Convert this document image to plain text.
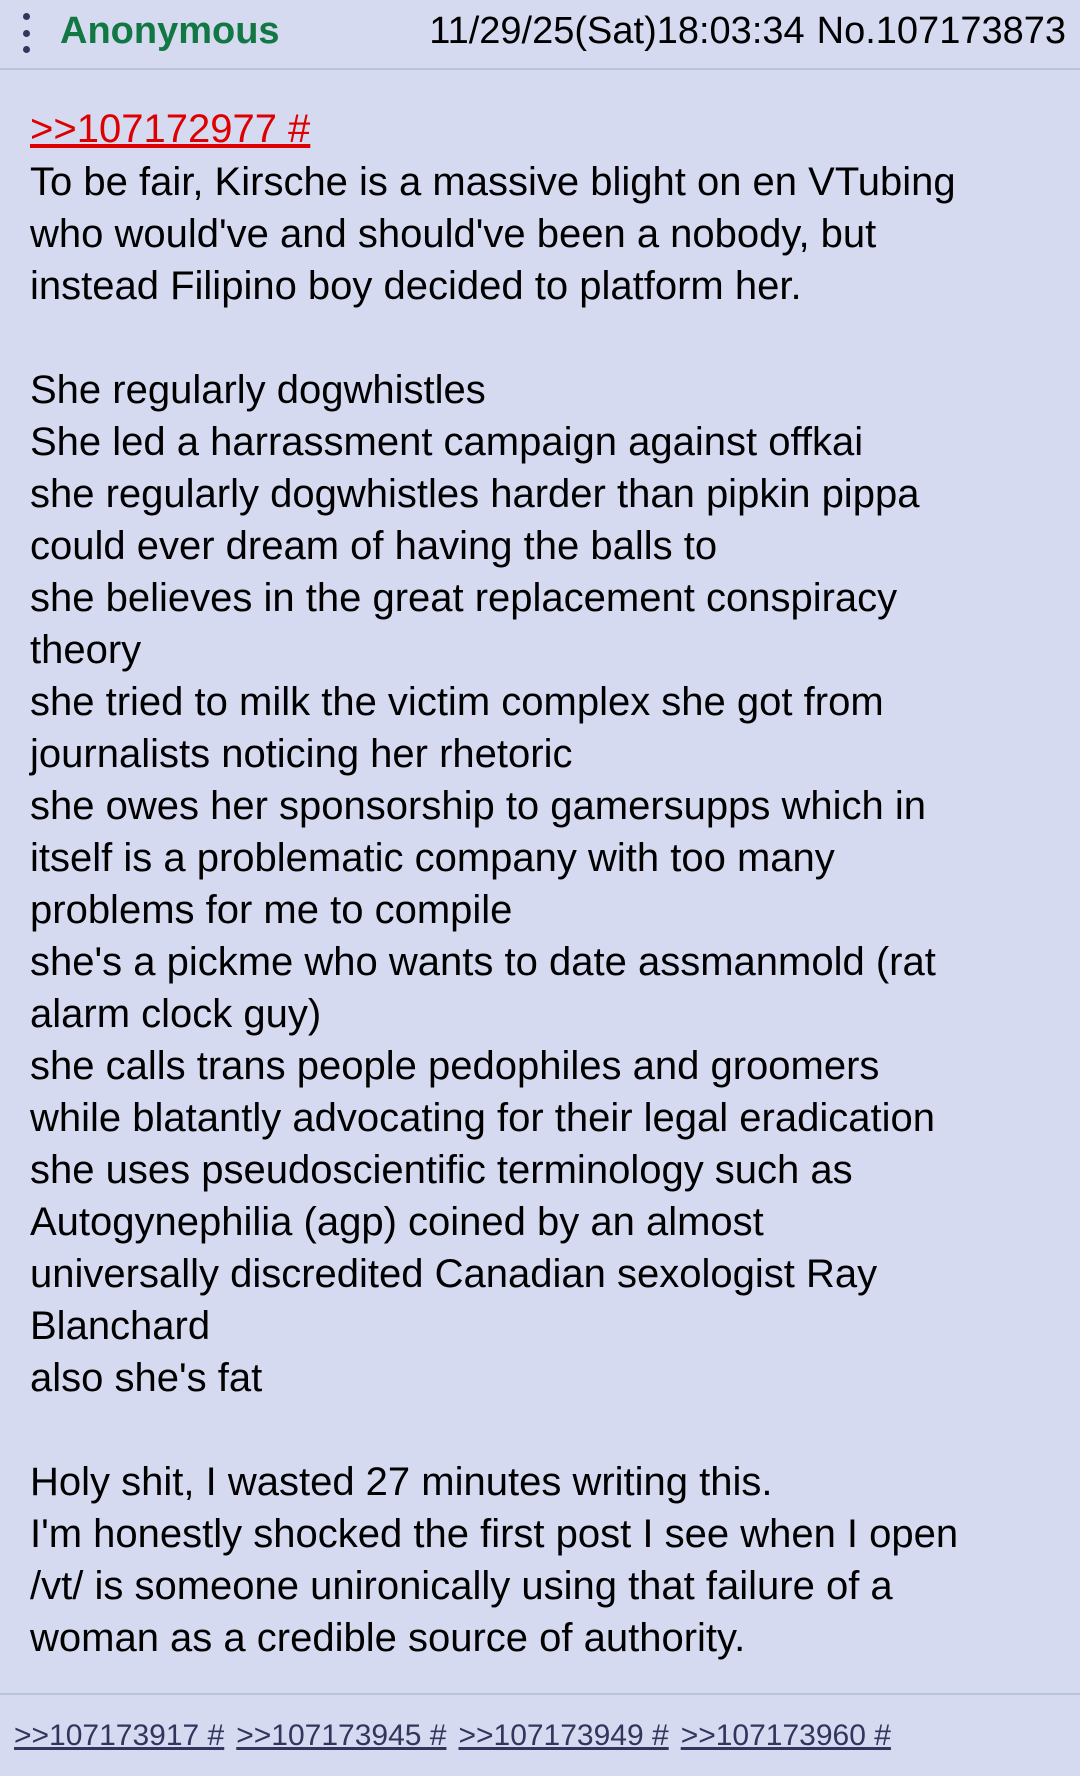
Anonymous	11/29/25(Sat)18:03:34 No.107173873
>>107172977 #
To be fair, Kirsche is a massive blight on en VTubing
who would've and should've been a nobody, but
instead Filipino boy decided to platform her.
She regularly dogwhistles
She led a harrassment campaign against offkai
she regularly dogwhistles harder than pipkin pippa
could ever dream of having the balls to
she believes in the great replacement conspiracy
theory
she tried to milk the victim complex she got from
journalists noticing her rhetoric
she owes her sponsorship to gamersupps which in
itself is a problematic company with too many
problems for me to compile
she's a pickme who wants to date assmanmold (rat
alarm clock guy)
she calls trans people pedophiles and groomers
while blatantly advocating for their legal eradication
she uses pseudoscientific terminology such as
Autogynephilia (agp) coined by an almost
universally discredited Canadian sexologist Ray
Blanchard
also she's fat
Holy shit, I wasted 27 minutes writing this.
I'm honestly shocked the first post I see when I open
/vt/ is someone unironically using that failure of a
woman as a credible source of authority.
>>107173917 # >>107173945 # >>107173949 # >>107173960 #
